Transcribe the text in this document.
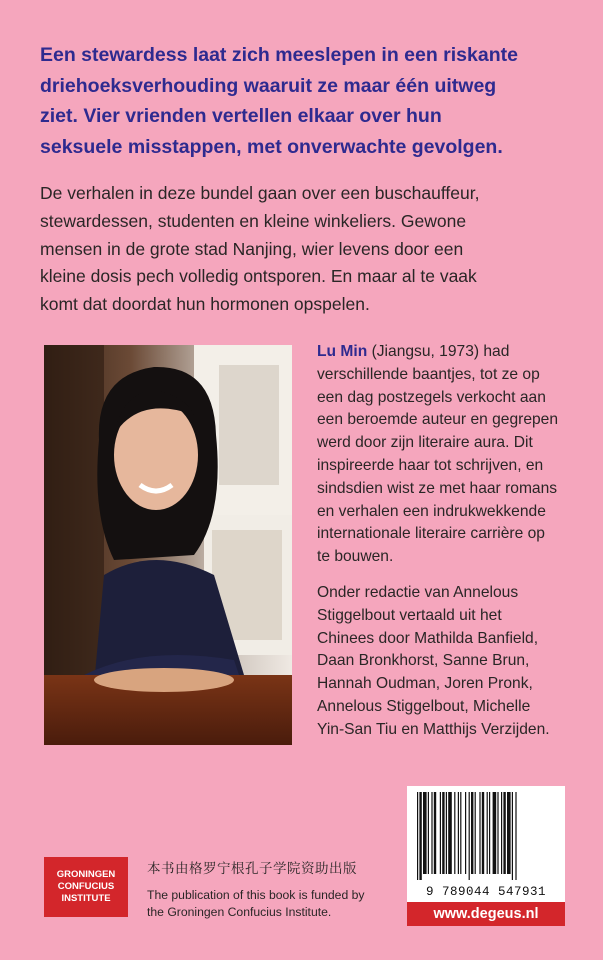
Een stewardess laat zich meeslepen in een riskante
driehoeksverhouding waaruit ze maar één uitweg
ziet. Vier vrienden vertellen elkaar over hun
seksuele misstappen, met onverwachte gevolgen.
De verhalen in deze bundel gaan over een buschauffeur,
stewardessen, studenten en kleine winkeliers. Gewone
mensen in de grote stad Nanjing, wier levens door een
kleine dosis pech volledig ontsporen. En maar al te vaak
komt dat doordat hun hormonen opspelen.
Lu Min (Jiangsu, 1973) had
verschillende baantjes, tot ze op
een dag postzegels verkocht aan
een beroemde auteur en gegrepen
werd door zijn literaire aura. Dit
inspireerde haar tot schrijven, en
sindsdien wist ze met haar romans
en verhalen een indrukwekkende
internationale literaire carrière op
te bouwen.
Onder redactie van Annelous
Stiggelbout vertaald uit het
Chinees door Mathilda Banfield,
Daan Bronkhorst, Sanne Brun,
Hannah Oudman, Joren Pronk,
Annelous Stiggelbout, Michelle
Yin-San Tiu en Matthijs Verzijden.
GRONINGEN
CONFUCIUS
INSTITUTE
本书由格罗宁根孔子学院资助出版
The publication of this book is funded by
the Groningen Confucius Institute.
9 789044 547931
www.degeus.nl
